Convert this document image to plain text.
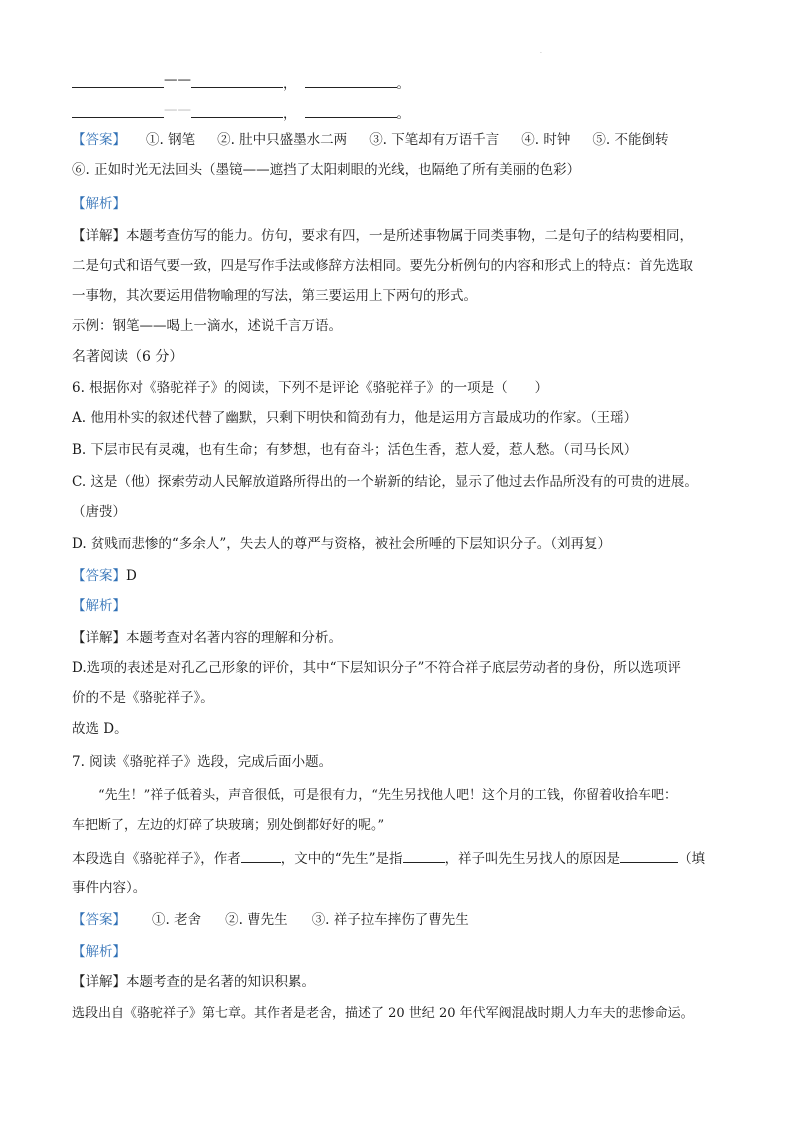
·
——	，	。
——	，	。
【答案】 ①. 钢笔 ②. 肚中只盛墨水二两 ③. 下笔却有万语千言 ④. 时钟 ⑤. 不能倒转
⑥. 正如时光无法回头（墨镜——遮挡了太阳刺眼的光线，也隔绝了所有美丽的色彩）
【解析】
【详解】本题考查仿写的能力。仿句，要求有四，一是所述事物属于同类事物，二是句子的结构要相同，
二是句式和语气要一致，四是写作手法或修辞方法相同。要先分析例句的内容和形式上的特点：首先选取
一事物，其次要运用借物喻理的写法，第三要运用上下两句的形式。
示例：钢笔——喝上一滴水，述说千言万语。
名著阅读（6 分）
6. 根据你对《骆驼祥子》的阅读，下列不是评论《骆驼祥子》的一项是（　　）
A. 他用朴实的叙述代替了幽默，只剩下明快和简劲有力，他是运用方言最成功的作家。（王瑶）
B. 下层市民有灵魂，也有生命；有梦想，也有奋斗；活色生香，惹人爱，惹人愁。（司马长风）
C. 这是（他）探索劳动人民解放道路所得出的一个崭新的结论，显示了他过去作品所没有的可贵的进展。
（唐弢）
D. 贫贱而悲惨的“多余人”，失去人的尊严与资格，被社会所唾的下层知识分子。（刘再复）
【答案】D
【解析】
【详解】本题考查对名著内容的理解和分析。
D.选项的表述是对孔乙己形象的评价，其中“下层知识分子”不符合祥子底层劳动者的身份，所以选项评
价的不是《骆驼祥子》。
故选 D。
7. 阅读《骆驼祥子》选段，完成后面小题。
“先生！”祥子低着头，声音很低，可是很有力，“先生另找他人吧！这个月的工钱，你留着收拾车吧：
车把断了，左边的灯碎了块玻璃；别处倒都好好的呢。”
本段选自《骆驼祥子》，作者	，文中的“先生”是指	，祥子叫先生另找人的原因是	（填
事件内容）。
【答案】 ①. 老舍 ②. 曹先生 ③. 祥子拉车摔伤了曹先生
【解析】
【详解】本题考查的是名著的知识积累。
选段出自《骆驼祥子》第七章。其作者是老舍，描述了 20 世纪 20 年代军阀混战时期人力车夫的悲惨命运。
